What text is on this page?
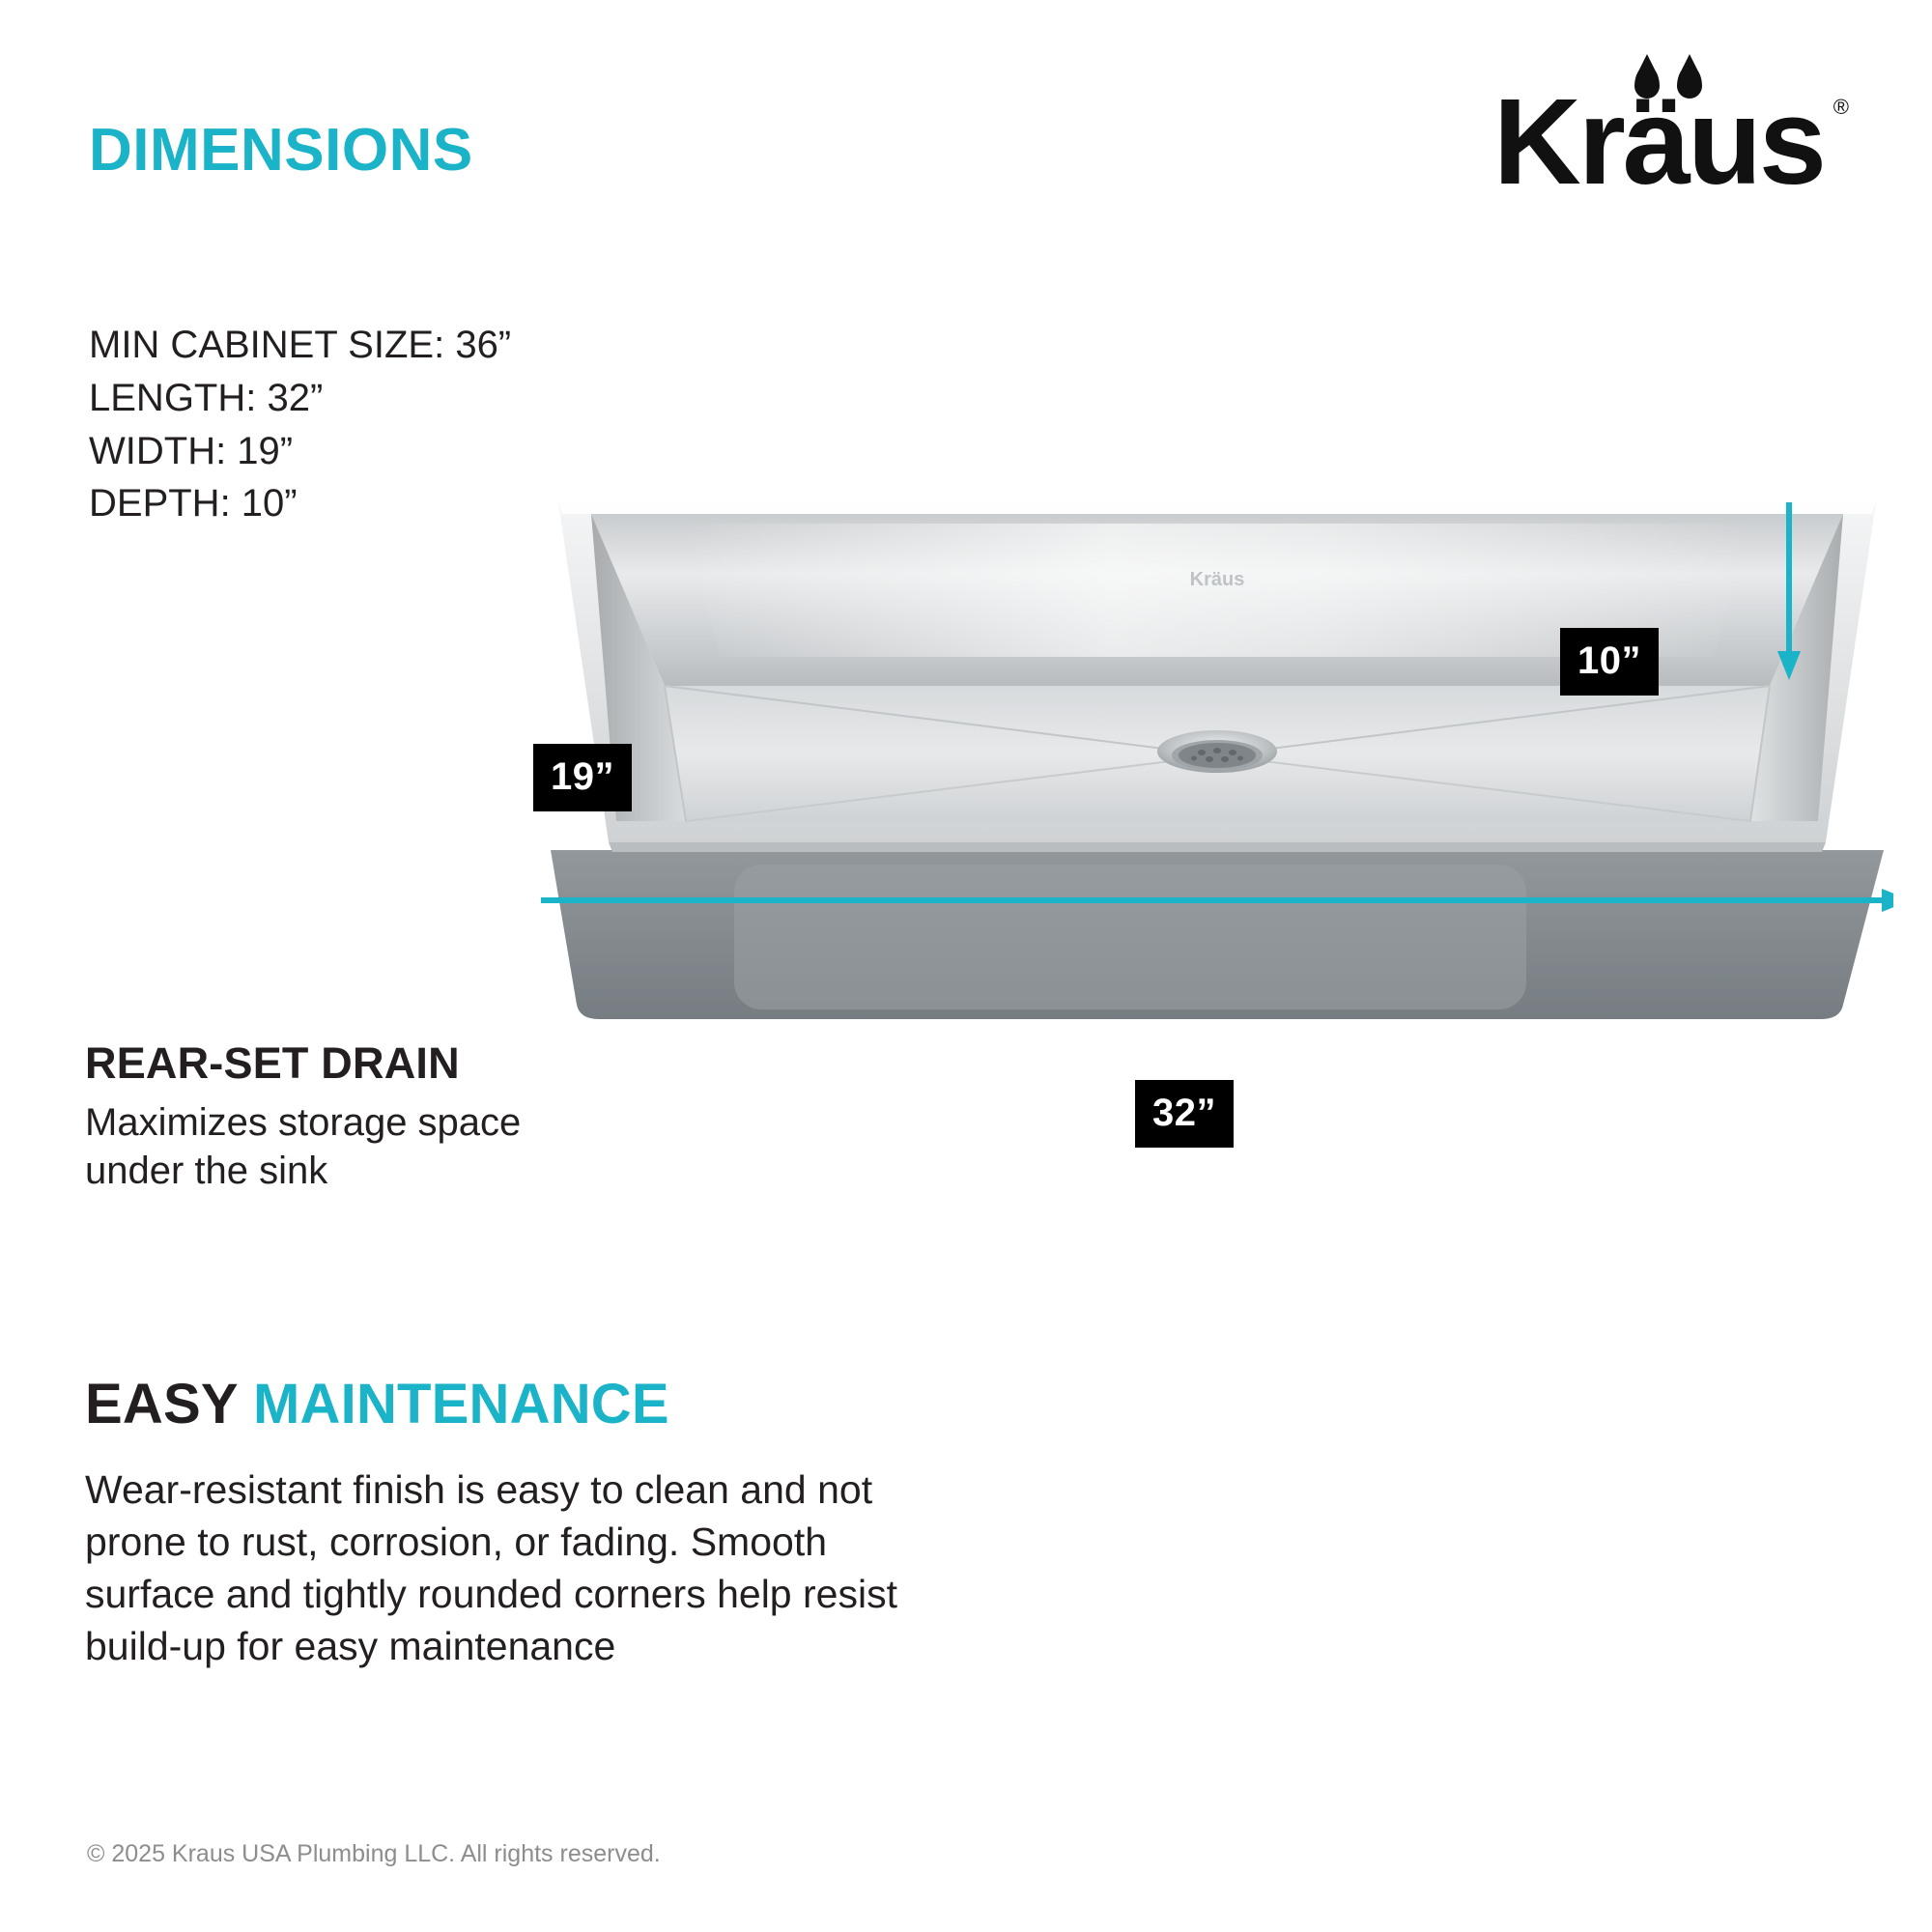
DIMENSIONS	Kräus ®
MIN CABINET SIZE: 36”
LENGTH: 32”
WIDTH: 19”
DEPTH: 10”
Kräus
19”
10”
32”
REAR-SET DRAIN
Maximizes storage space under the sink
EASY MAINTENANCE
Wear-resistant finish is easy to clean and not prone to rust, corrosion, or fading. Smooth surface and tightly rounded corners help resist build-up for easy maintenance
© 2025 Kraus USA Plumbing LLC. All rights reserved.
